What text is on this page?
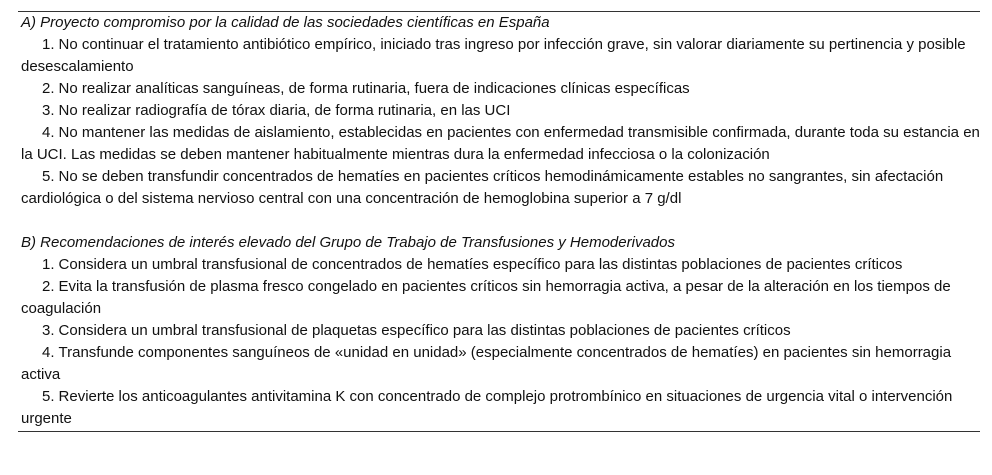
A) Proyecto compromiso por la calidad de las sociedades científicas en España

1. No continuar el tratamiento antibiótico empírico, iniciado tras ingreso por infección grave, sin valorar diariamente su pertinencia y posible desescalamiento

2. No realizar analíticas sanguíneas, de forma rutinaria, fuera de indicaciones clínicas específicas

3. No realizar radiografía de tórax diaria, de forma rutinaria, en las UCI

4. No mantener las medidas de aislamiento, establecidas en pacientes con enfermedad transmisible confirmada, durante toda su estancia en la UCI. Las medidas se deben mantener habitualmente mientras dura la enfermedad infecciosa o la colonización

5. No se deben transfundir concentrados de hematíes en pacientes críticos hemodinámicamente estables no sangrantes, sin afectación cardiológica o del sistema nervioso central con una concentración de hemoglobina superior a 7 g/dl

B) Recomendaciones de interés elevado del Grupo de Trabajo de Transfusiones y Hemoderivados

1. Considera un umbral transfusional de concentrados de hematíes específico para las distintas poblaciones de pacientes críticos

2. Evita la transfusión de plasma fresco congelado en pacientes críticos sin hemorragia activa, a pesar de la alteración en los tiempos de coagulación

3. Considera un umbral transfusional de plaquetas específico para las distintas poblaciones de pacientes críticos

4. Transfunde componentes sanguíneos de «unidad en unidad» (especialmente concentrados de hematíes) en pacientes sin hemorragia activa

5. Revierte los anticoagulantes antivitamina K con concentrado de complejo protrombínico en situaciones de urgencia vital o intervención urgente
